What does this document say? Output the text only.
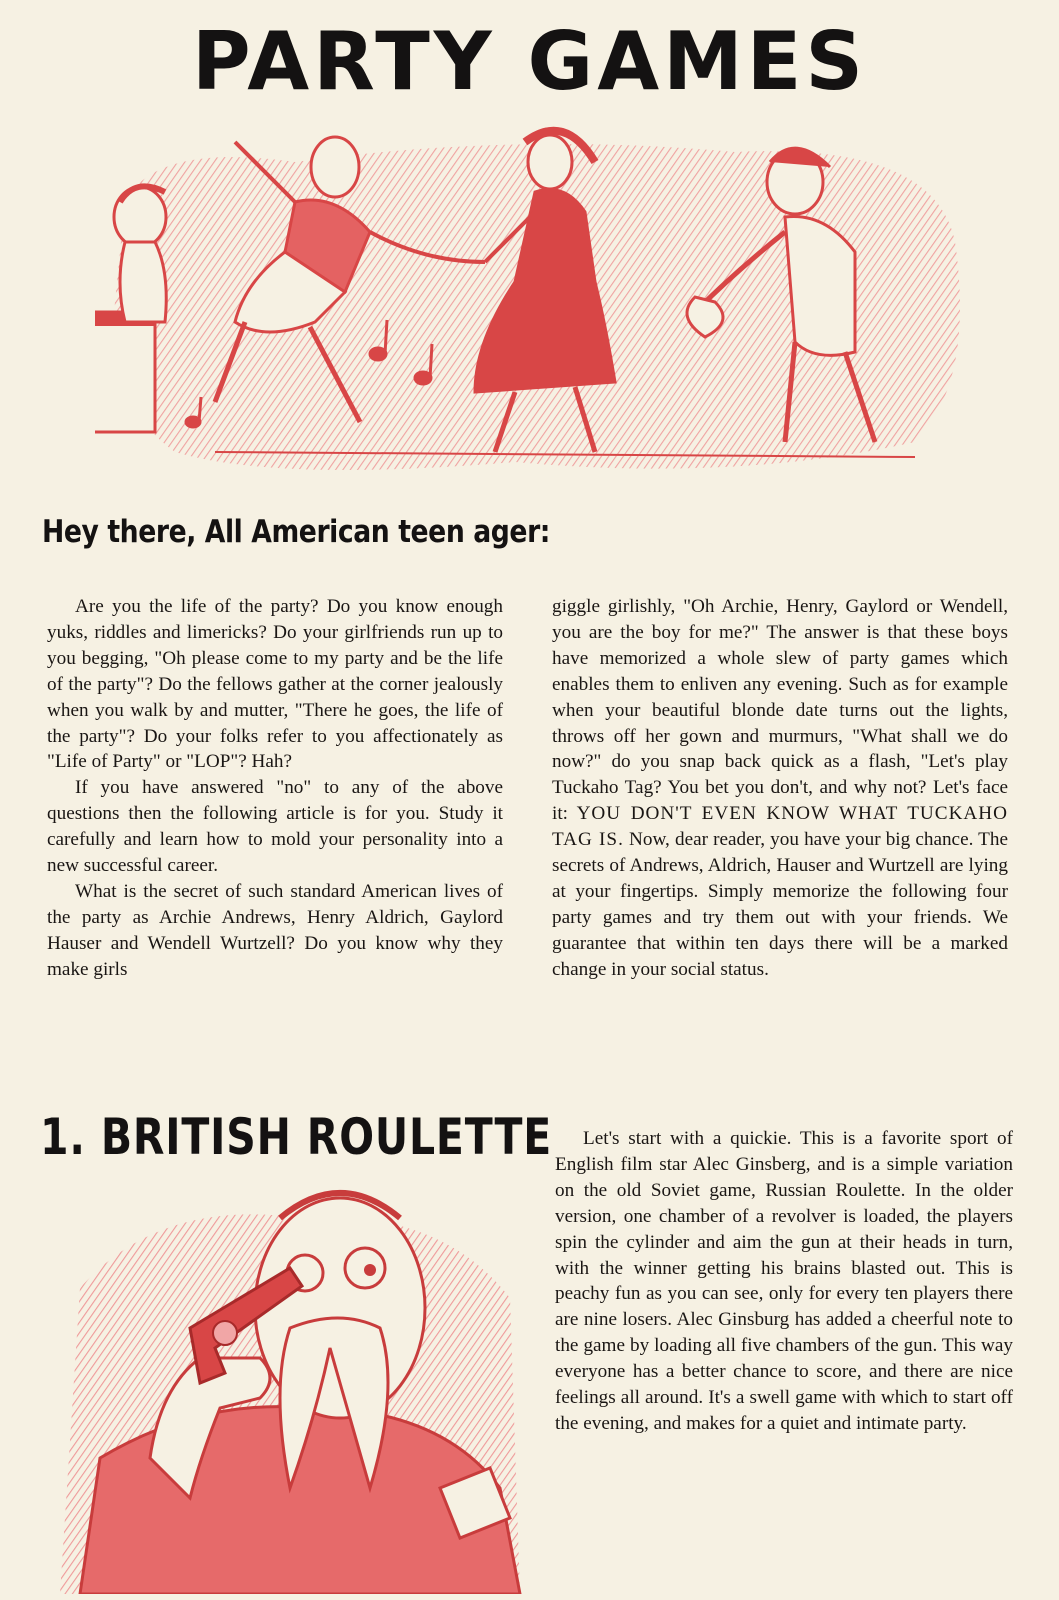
PARTY GAMES
Hey there, All American teen ager:

Are you the life of the party? Do you know enough yuks, riddles and limericks? Do your girlfriends run up to you begging, "Oh please come to my party and be the life of the party"? Do the fellows gather at the corner jealously when you walk by and mutter, "There he goes, the life of the party"? Do your folks refer to you affectionately as "Life of Party" or "LOP"? Hah?

If you have answered "no" to any of the above questions then the following article is for you. Study it carefully and learn how to mold your personality into a new successful career.

What is the secret of such standard American lives of the party as Archie Andrews, Henry Aldrich, Gaylord Hauser and Wendell Wurtzell? Do you know why they make girls

giggle girlishly, "Oh Archie, Henry, Gaylord or Wendell, you are the boy for me?" The answer is that these boys have memorized a whole slew of party games which enables them to enliven any evening. Such as for example when your beautiful blonde date turns out the lights, throws off her gown and murmurs, "What shall we do now?" do you snap back quick as a flash, "Let's play Tuckaho Tag? You bet you don't, and why not? Let's face it: YOU DON'T EVEN KNOW WHAT TUCKAHO TAG IS. Now, dear reader, you have your big chance. The secrets of Andrews, Aldrich, Hauser and Wurtzell are lying at your fingertips. Simply memorize the following four party games and try them out with your friends. We guarantee that within ten days there will be a marked change in your social status.

1. BRITISH ROULETTE	Let's start with a quickie. This is a favorite sport of English film star Alec Ginsberg, and is a simple variation on the old Soviet game, Russian Roulette. In the older version, one chamber of a revolver is loaded, the players spin the cylinder and aim the gun at their heads in turn, with the winner getting his brains blasted out. This is peachy fun as you can see, only for every ten players there are nine losers. Alec Ginsburg has added a cheerful note to the game by loading all five chambers of the gun. This way everyone has a better chance to score, and there are nice feelings all around. It's a swell game with which to start off the evening, and makes for a quiet and intimate party.
